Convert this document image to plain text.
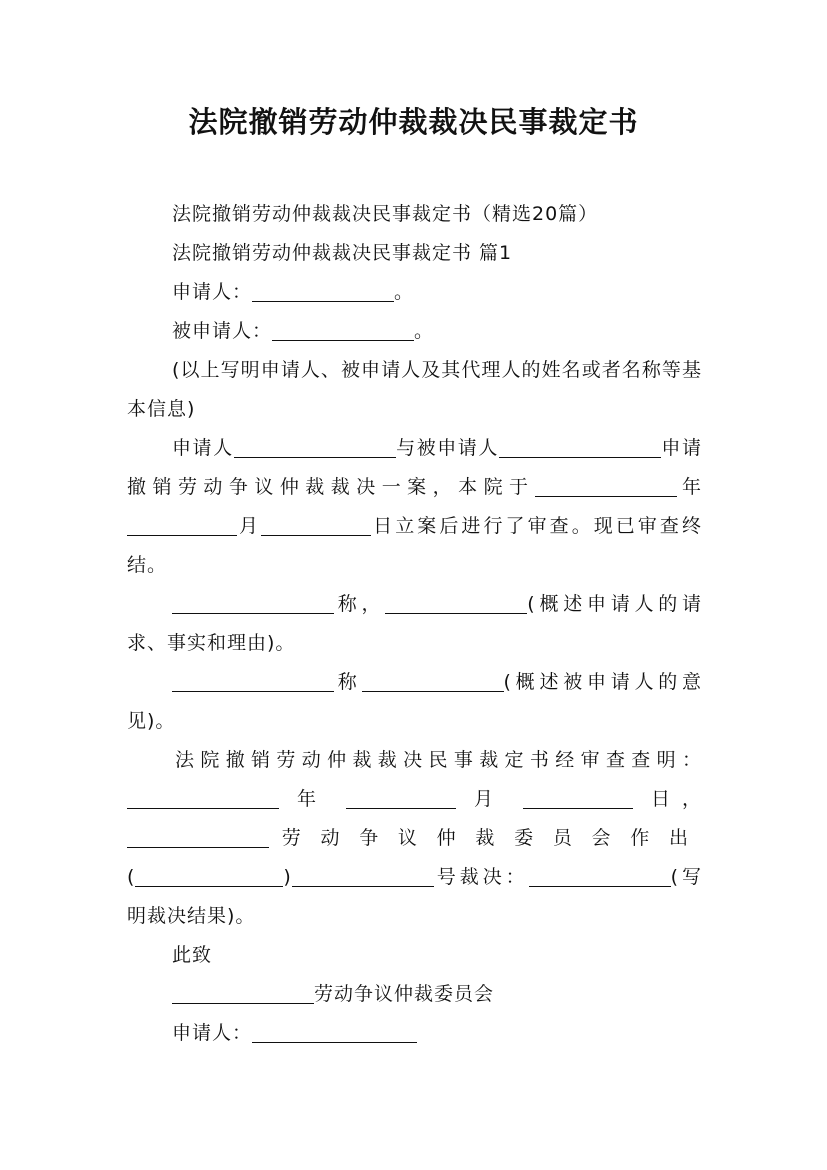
法院撤销劳动仲裁裁决民事裁定书

法院撤销劳动仲裁裁决民事裁定书（精选20篇）

法院撤销劳动仲裁裁决民事裁定书 篇1

申请人：	。

被申请人：	。

(以上写明申请人、被申请人及其代理人的姓名或者名称等基本信息)

申请人	与被申请人	申请撤销劳动争议仲裁裁决一案，本院于	年月	日立案后进行了审查。现已审查终结。

称，	(概述申请人的请求、事实和理由)。

称	(概述被申请人的意见)。

法院撤销劳动仲裁裁决民事裁定书经审查查明：
年	月	日，
劳动争议仲裁委员会作出
(	)	号裁决：	(写明裁决结果)。

此致

劳动争议仲裁委员会

申请人：
